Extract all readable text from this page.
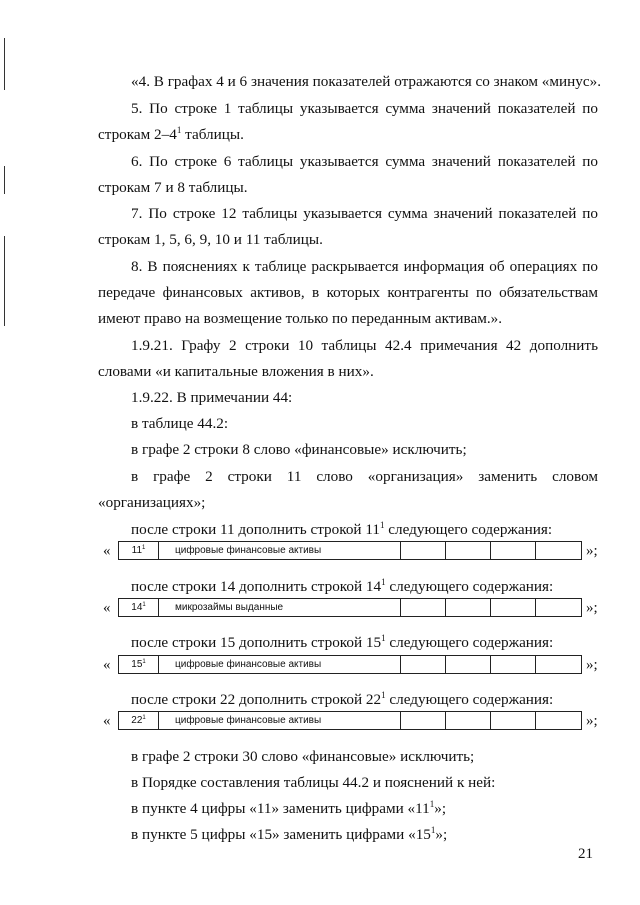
«4. В графах 4 и 6 значения показателей отражаются со знаком «минус».
5. По строке 1 таблицы указывается сумма значений показателей по
строкам $2-4^1$ таблицы.
6. По строке 6 таблицы указывается сумма значений показателей по
строкам 7 и 8 таблицы.
7. По строке 12 таблицы указывается сумма значений показателей по
строкам 1, 5, 6, 9, 10 и 11 таблицы.
8. В пояснениях к таблице раскрывается информация об операциях по
передаче финансовых активов, в которых контрагенты по обязательствам
имеют право на возмещение только по переданным активам.».
1.9.21. Графу 2 строки 10 таблицы 42.4 примечания 42 дополнить
словами «и капитальные вложения в них».
1.9.22. В примечании 44:
в таблице 44.2:
в графе 2 строки 8 слово «финансовые» исключить;
в графе 2 строки 11 слово «организация» заменить словом
«организациях»;
после строки 11 дополнить строкой $11^1$ следующего содержания:
«	$11^1$	цифровые финансовые активы	»;
после строки 14 дополнить строкой $14^1$ следующего содержания:
«	$14^1$	микрозаймы выданные	»;
после строки 15 дополнить строкой $15^1$ следующего содержания:
«	$15^1$	цифровые финансовые активы	»;
после строки 22 дополнить строкой $22^1$ следующего содержания:
«	$22^1$	цифровые финансовые активы	»;
в графе 2 строки 30 слово «финансовые» исключить;
в Порядке составления таблицы 44.2 и пояснений к ней:
в пункте 4 цифры «11» заменить цифрами «$11^1$»;
в пункте 5 цифры «15» заменить цифрами «$15^1$»;
21
